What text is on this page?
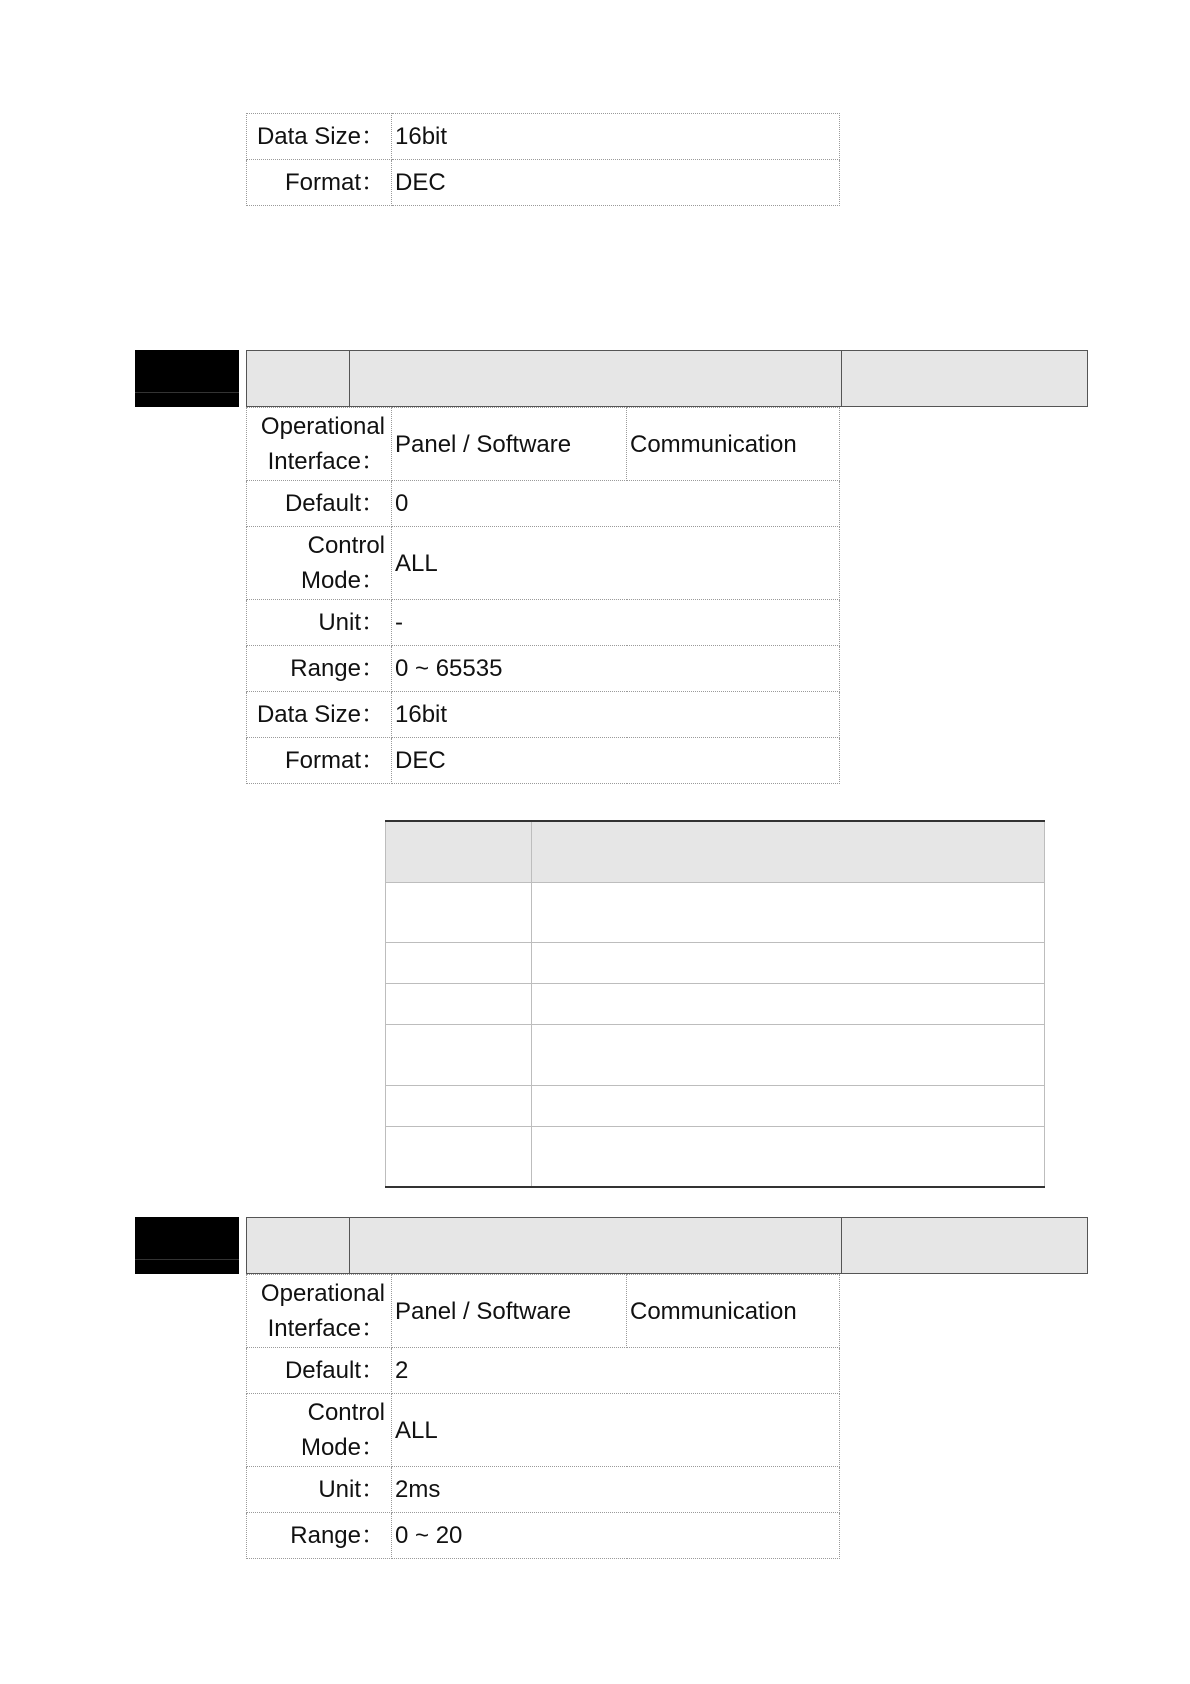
Data Size：	16bit
Format：	DEC
Operational
Interface：	Panel / Software	Communication
Default：	0	
Control
Mode：	ALL	
Unit：	-	
Range：	0 ~ 65535	
Data Size：	16bit	
Format：	DEC	

Operational
Interface：	Panel / Software	Communication
Default：	2	
Control
Mode：	ALL	
Unit：	2ms	
Range：	0 ~ 20	
